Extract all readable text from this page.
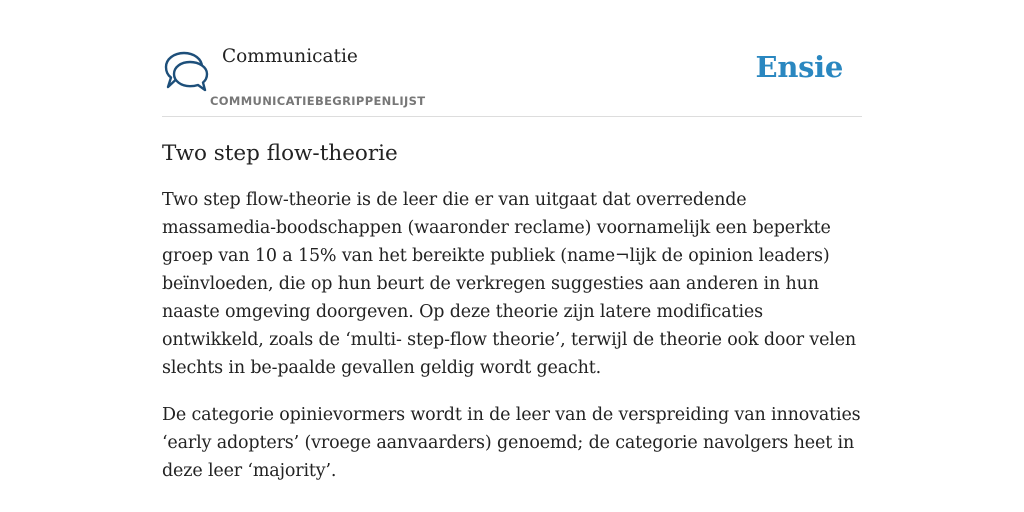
Communicatie
COMMUNICATIEBEGRIPPENLIJST
Ensie
Two step flow-theorie

Two step flow-theorie is de leer die er van uitgaat dat overredende massamedia-boodschappen (waaronder reclame) voornamelijk een beperkte groep van 10 a 15% van het bereikte publiek (name¬lijk de opinion leaders) beïnvloeden, die op hun beurt de verkregen suggesties aan anderen in hun naaste omgeving doorgeven. Op deze theorie zijn latere modificaties ontwikkeld, zoals de ‘multi- step-flow theorie’, terwijl de theorie ook door velen slechts in be-paalde gevallen geldig wordt geacht.

De categorie opinievormers wordt in de leer van de verspreiding van innovaties ‘early adopters’ (vroege aanvaarders) genoemd; de categorie navolgers heet in deze leer ‘majority’.
